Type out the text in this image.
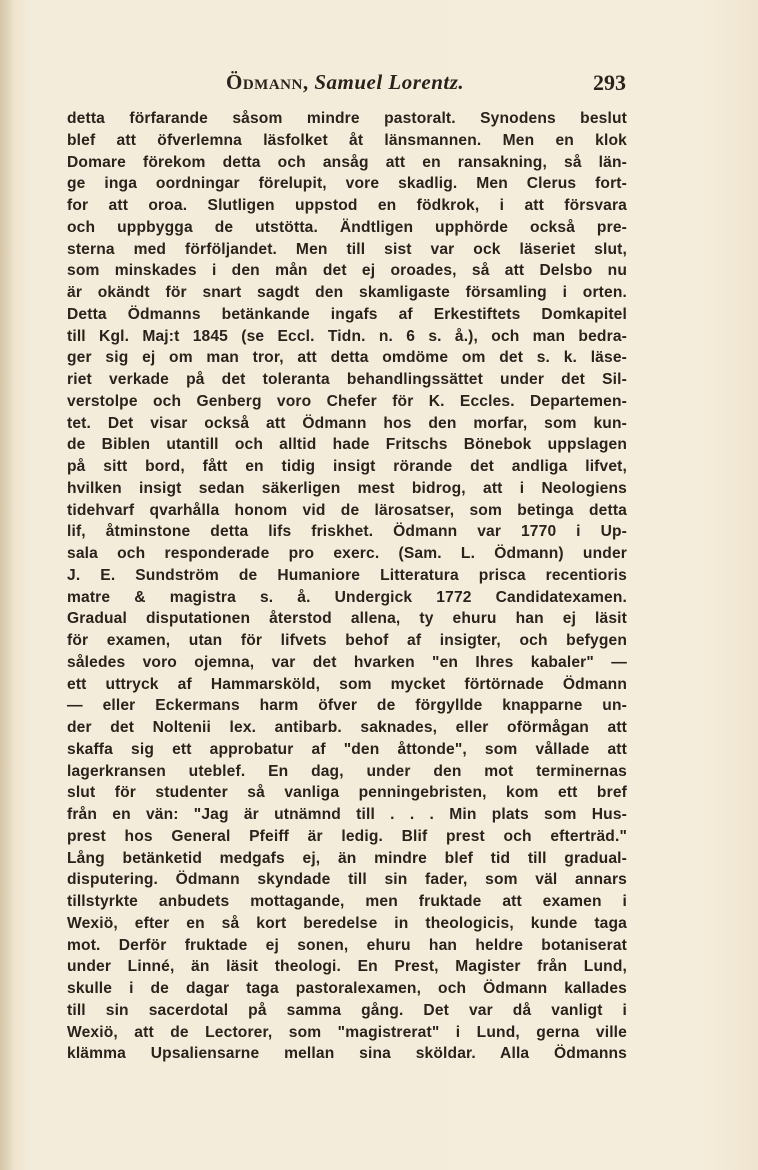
Ödmann, Samuel Lorentz.	293
detta förfarande såsom mindre pastoralt. Synodens beslut
blef att öfverlemna läsfolket åt länsmannen. Men en klok
Domare förekom detta och ansåg att en ransakning, så län-
ge inga oordningar förelupit, vore skadlig. Men Clerus fort-
for att oroa. Slutligen uppstod en födkrok, i att försvara
och uppbygga de utstötta. Ändtligen upphörde också pre-
sterna med förföljandet. Men till sist var ock läseriet slut,
som minskades i den mån det ej oroades, så att Delsbo nu
är okändt för snart sagdt den skamligaste församling i orten.
Detta Ödmanns betänkande ingafs af Erkestiftets Domkapitel
till Kgl. Maj:t 1845 (se Eccl. Tidn. n. 6 s. å.), och man bedra-
ger sig ej om man tror, att detta omdöme om det s. k. läse-
riet verkade på det toleranta behandlingssättet under det Sil-
verstolpe och Genberg voro Chefer för K. Eccles. Departemen-
tet. Det visar också att Ödmann hos den morfar, som kun-
de Biblen utantill och alltid hade Fritschs Bönebok uppslagen
på sitt bord, fått en tidig insigt rörande det andliga lifvet,
hvilken insigt sedan säkerligen mest bidrog, att i Neologiens
tidehvarf qvarhålla honom vid de lärosatser, som betinga detta
lif, åtminstone detta lifs friskhet. Ödmann var 1770 i Up-
sala och responderade pro exerc. (Sam. L. Ödmann) under
J. E. Sundström de Humaniore Litteratura prisca recentioris
matre & magistra s. å. Undergick 1772 Candidatexamen.
Gradual disputationen återstod allena, ty ehuru han ej läsit
för examen, utan för lifvets behof af insigter, och befygen
således voro ojemna, var det hvarken "en Ihres kabaler" —
ett uttryck af Hammarsköld, som mycket förtörnade Ödmann
— eller Eckermans harm öfver de förgyllde knapparne un-
der det Noltenii lex. antibarb. saknades, eller oförmågan att
skaffa sig ett approbatur af "den åttonde", som vållade att
lagerkransen uteblef. En dag, under den mot terminernas
slut för studenter så vanliga penningebristen, kom ett bref
från en vän: "Jag är utnämnd till . . . Min plats som Hus-
prest hos General Pfeiff är ledig. Blif prest och efterträd."
Lång betänketid medgafs ej, än mindre blef tid till gradual-
disputering. Ödmann skyndade till sin fader, som väl annars
tillstyrkte anbudets mottagande, men fruktade att examen i
Wexiö, efter en så kort beredelse in theologicis, kunde taga
mot. Derför fruktade ej sonen, ehuru han heldre botaniserat
under Linné, än läsit theologi. En Prest, Magister från Lund,
skulle i de dagar taga pastoralexamen, och Ödmann kallades
till sin sacerdotal på samma gång. Det var då vanligt i
Wexiö, att de Lectorer, som "magistrerat" i Lund, gerna ville
klämma Upsaliensarne mellan sina sköldar. Alla Ödmanns
